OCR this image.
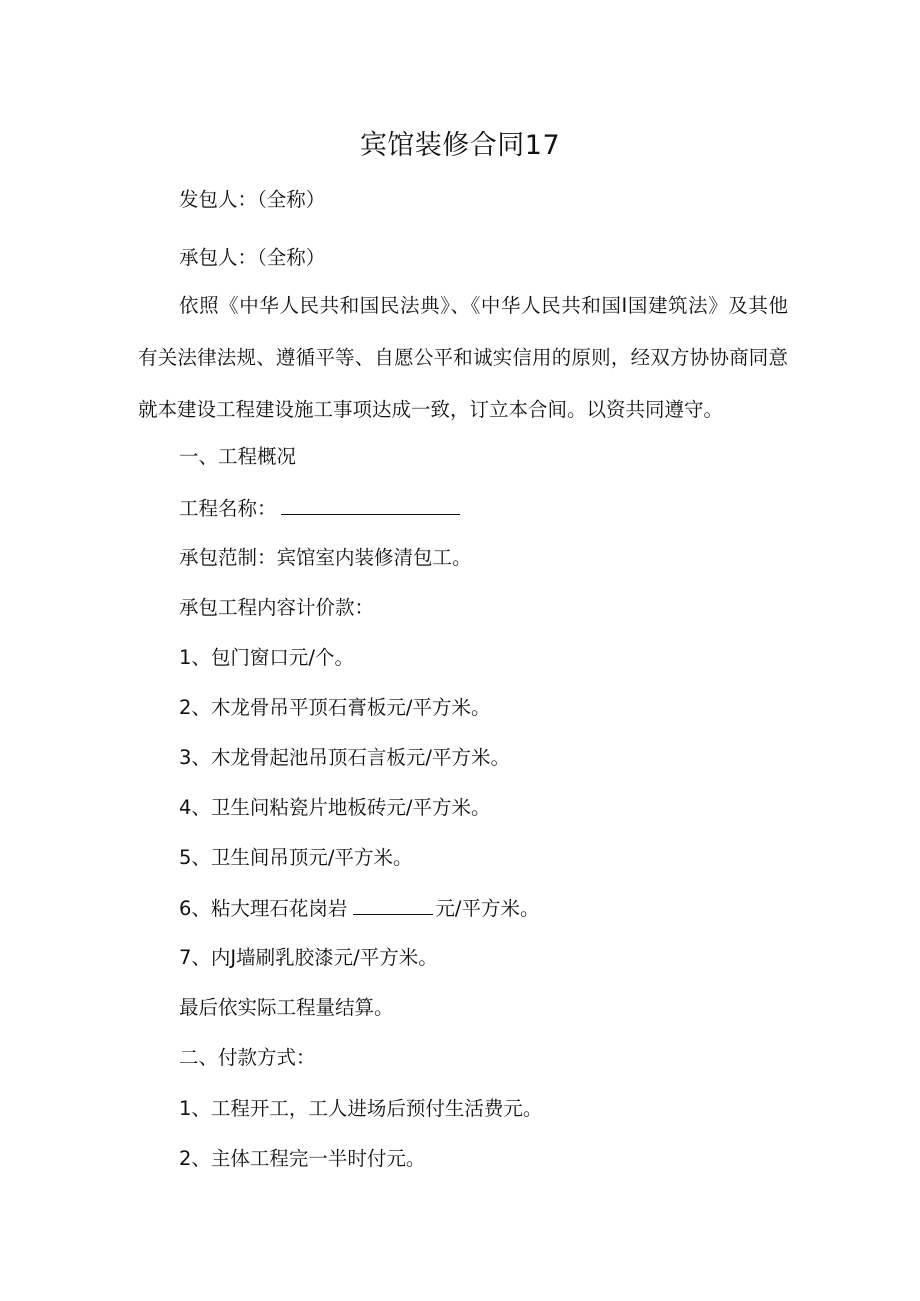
宾馆装修合同17
发包人：（全称）
承包人：（全称）
依照《中华人民共和国民法典》、《中华人民共和国I国建筑法》及其他有关法律法规、遵循平等、自愿公平和诚实信用的原则，经双方协协商同意就本建设工程建设施工事项达成一致，订立本合间。以资共同遵守。
一、工程概况
工程名称：
承包范制：宾馆室内装修清包工。
承包工程内容计价款：
1、包门窗口元/个。
2、木龙骨吊平顶石膏板元/平方米。
3、木龙骨起池吊顶石言板元/平方米。
4、卫生问粘瓷片地板砖元/平方米。
5、卫生间吊顶元/平方米。
6、粘大理石花岗岩	元/平方米。
7、内J墙刷乳胶漆元/平方米。
最后依实际工程量结算。
二、付款方式：
1、工程开工，工人进场后预付生活费元。
2、主体工程完一半时付元。
